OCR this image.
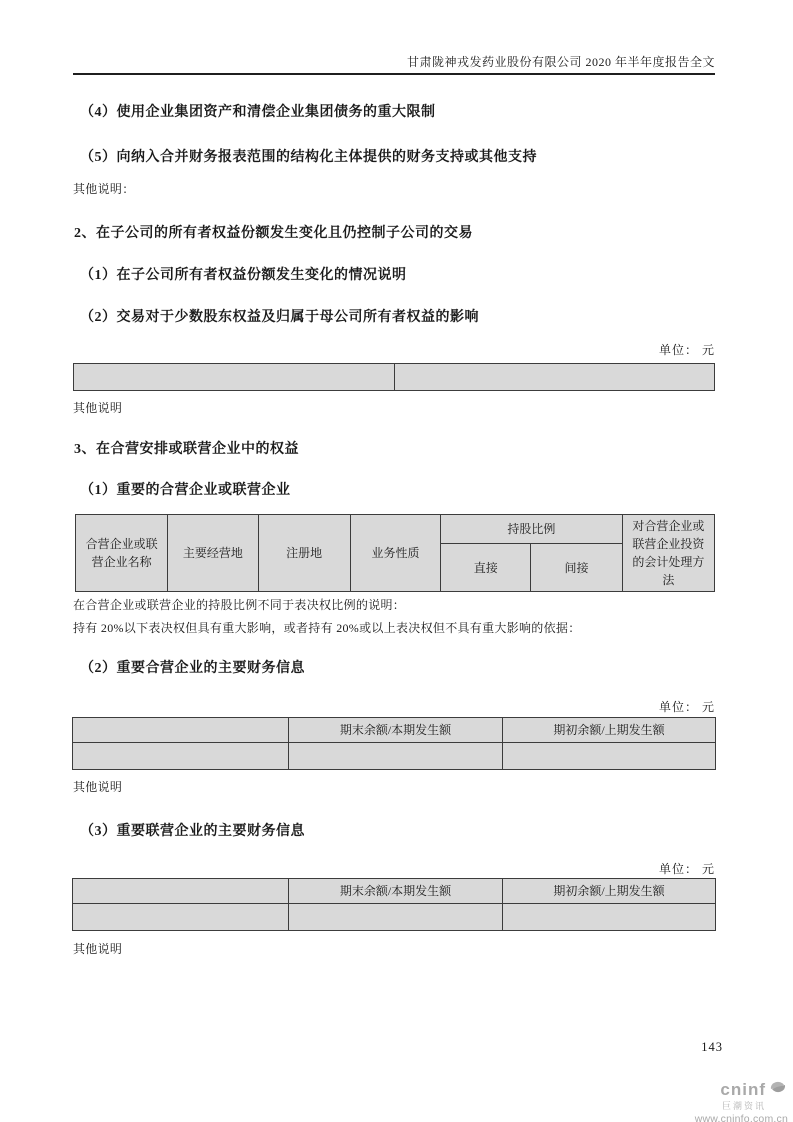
甘肃陇神戎发药业股份有限公司 2020 年半年度报告全文
（4）使用企业集团资产和清偿企业集团债务的重大限制
（5）向纳入合并财务报表范围的结构化主体提供的财务支持或其他支持
其他说明：
2、在子公司的所有者权益份额发生变化且仍控制子公司的交易
（1）在子公司所有者权益份额发生变化的情况说明
（2）交易对于少数股东权益及归属于母公司所有者权益的影响
单位： 元

其他说明
3、在合营安排或联营企业中的权益
（1）重要的合营企业或联营企业
合营企业或联营企业名称	主要经营地	注册地	业务性质	持股比例		对合营企业或联营企业投资的会计处理方法
				直接	间接	
在合营企业或联营企业的持股比例不同于表决权比例的说明：
持有 20%以下表决权但具有重大影响，或者持有 20%或以上表决权但不具有重大影响的依据：
（2）重要合营企业的主要财务信息
单位： 元
	期末余额/本期发生额	期初余额/上期发生额

其他说明
（3）重要联营企业的主要财务信息
单位： 元
	期末余额/本期发生额	期初余额/上期发生额

其他说明
143
cninf
巨潮资讯
www.cninfo.com.cn
